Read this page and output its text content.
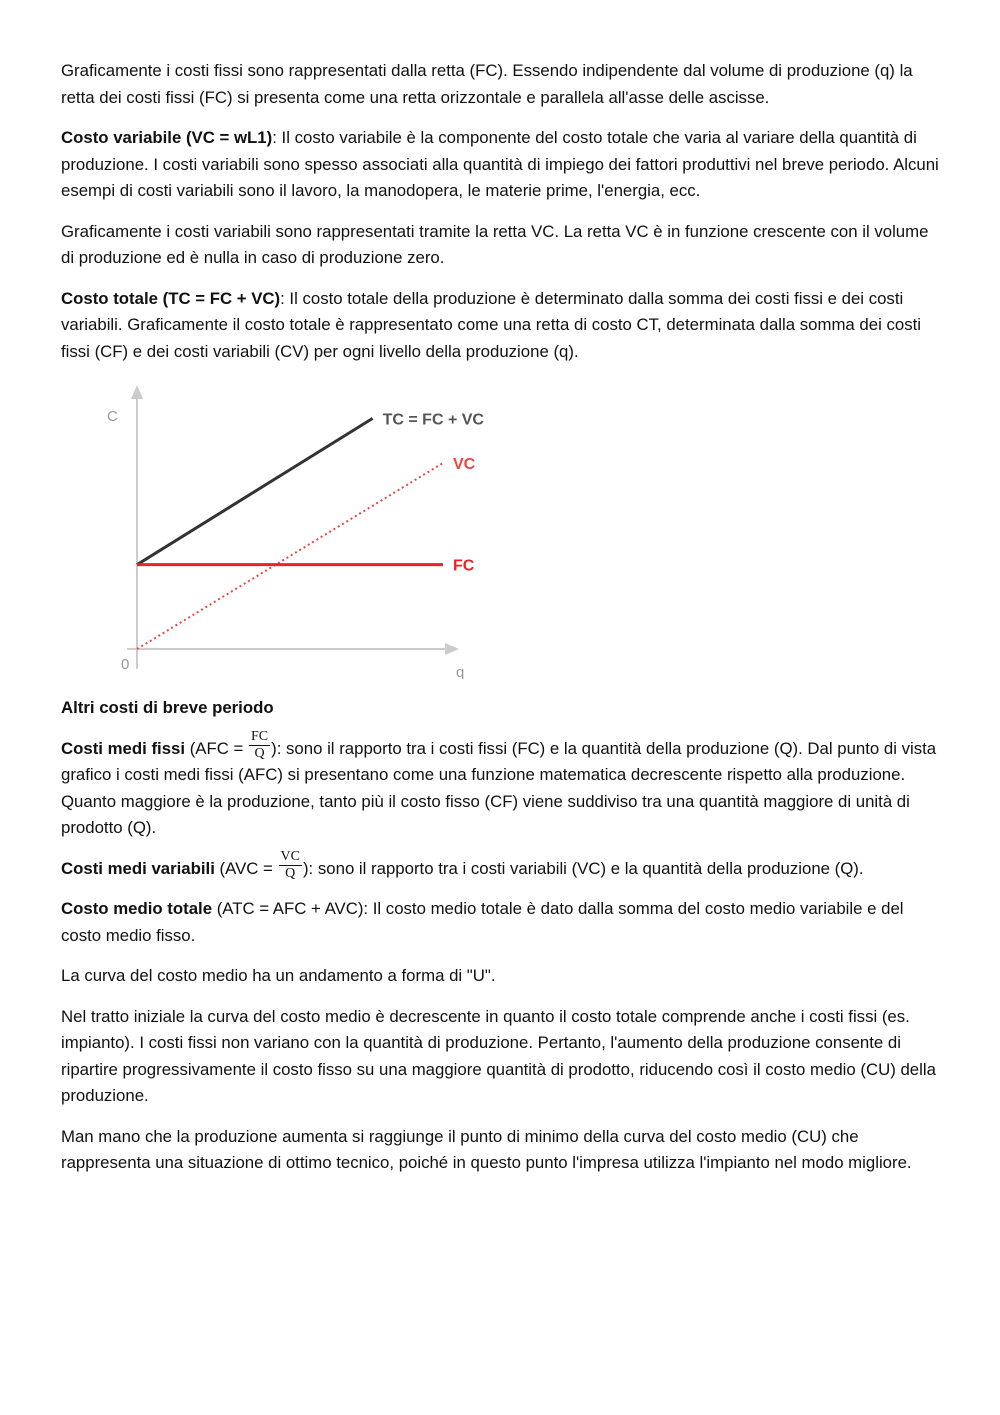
Graficamente i costi fissi sono rappresentati dalla retta (FC). Essendo indipendente dal volume di produzione (q) la retta dei costi fissi (FC) si presenta come una retta orizzontale e parallela all'asse delle ascisse.

Costo variabile (VC = wL1): Il costo variabile è la componente del costo totale che varia al variare della quantità di produzione. I costi variabili sono spesso associati alla quantità di impiego dei fattori produttivi nel breve periodo. Alcuni esempi di costi variabili sono il lavoro, la manodopera, le materie prime, l'energia, ecc.

Graficamente i costi variabili sono rappresentati tramite la retta VC. La retta VC è in funzione crescente con il volume di produzione ed è nulla in caso di produzione zero.

Costo totale (TC = FC + VC): Il costo totale della produzione è determinato dalla somma dei costi fissi e dei costi variabili. Graficamente il costo totale è rappresentato come una retta di costo CT, determinata dalla somma dei costi fissi (CF) e dei costi variabili (CV) per ogni livello della produzione (q).

C
q
0
TC = FC + VC
VC
FC

Altri costi di breve periodo

Costi medi fissi ($AFC = \frac{FC}{Q}$ ): sono il rapporto tra i costi fissi (FC) e la quantità della produzione (Q). Dal punto di vista grafico i costi medi fissi (AFC) si presentano come una funzione matematica decrescente rispetto alla produzione. Quanto maggiore è la produzione, tanto più il costo fisso (CF) viene suddiviso tra una quantità maggiore di unità di prodotto (Q).

Costi medi variabili ($AVC = \frac{VC}{Q}$ ): sono il rapporto tra i costi variabili (VC) e la quantità della produzione (Q).

Costo medio totale (ATC = AFC + AVC): Il costo medio totale è dato dalla somma del costo medio variabile e del costo medio fisso.

La curva del costo medio ha un andamento a forma di "U".

Nel tratto iniziale la curva del costo medio è decrescente in quanto il costo totale comprende anche i costi fissi (es. impianto). I costi fissi non variano con la quantità di produzione. Pertanto, l'aumento della produzione consente di ripartire progressivamente il costo fisso su una maggiore quantità di prodotto, riducendo così il costo medio (CU) della produzione.

Man mano che la produzione aumenta si raggiunge il punto di minimo della curva del costo medio (CU) che rappresenta una situazione di ottimo tecnico, poiché in questo punto l'impresa utilizza l'impianto nel modo migliore.
